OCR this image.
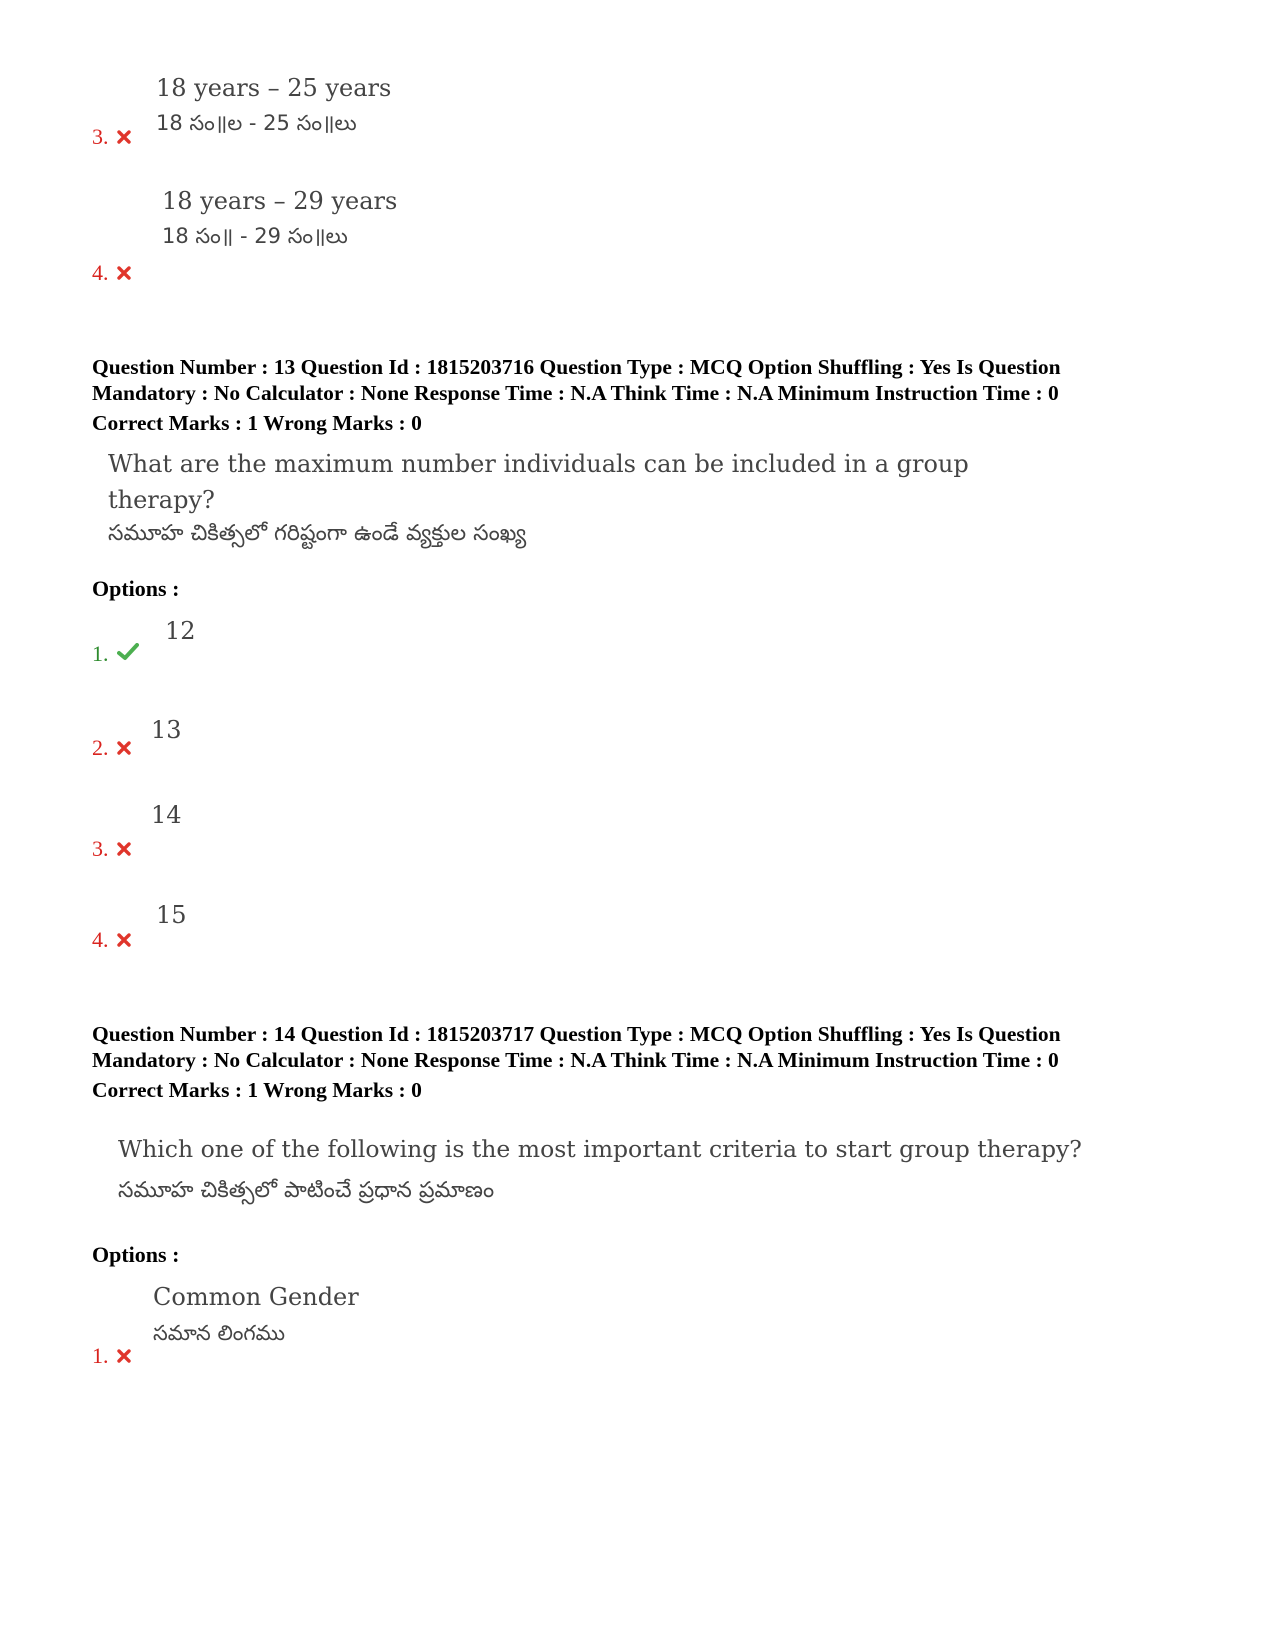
18 years – 25 years
18 సం॥ల - 25 సం॥లు
3.
18 years – 29 years
18 సం॥ - 29 సం॥లు
4.
Question Number : 13 Question Id : 1815203716 Question Type : MCQ Option Shuffling : Yes Is Question
Mandatory : No Calculator : None Response Time : N.A Think Time : N.A Minimum Instruction Time : 0
Correct Marks : 1 Wrong Marks : 0
What are the maximum number individuals can be included in a group
therapy?
సమూహ చికిత్సలో గరిష్టంగా ఉండే వ్యక్తుల సంఖ్య
Options :
12
1.
13
2.
14
3.
15
4.
Question Number : 14 Question Id : 1815203717 Question Type : MCQ Option Shuffling : Yes Is Question
Mandatory : No Calculator : None Response Time : N.A Think Time : N.A Minimum Instruction Time : 0
Correct Marks : 1 Wrong Marks : 0
Which one of the following is the most important criteria to start group therapy?
సమూహ చికిత్సలో పాటించే ప్రధాన ప్రమాణం
Options :
Common Gender
సమాన లింగము
1.
